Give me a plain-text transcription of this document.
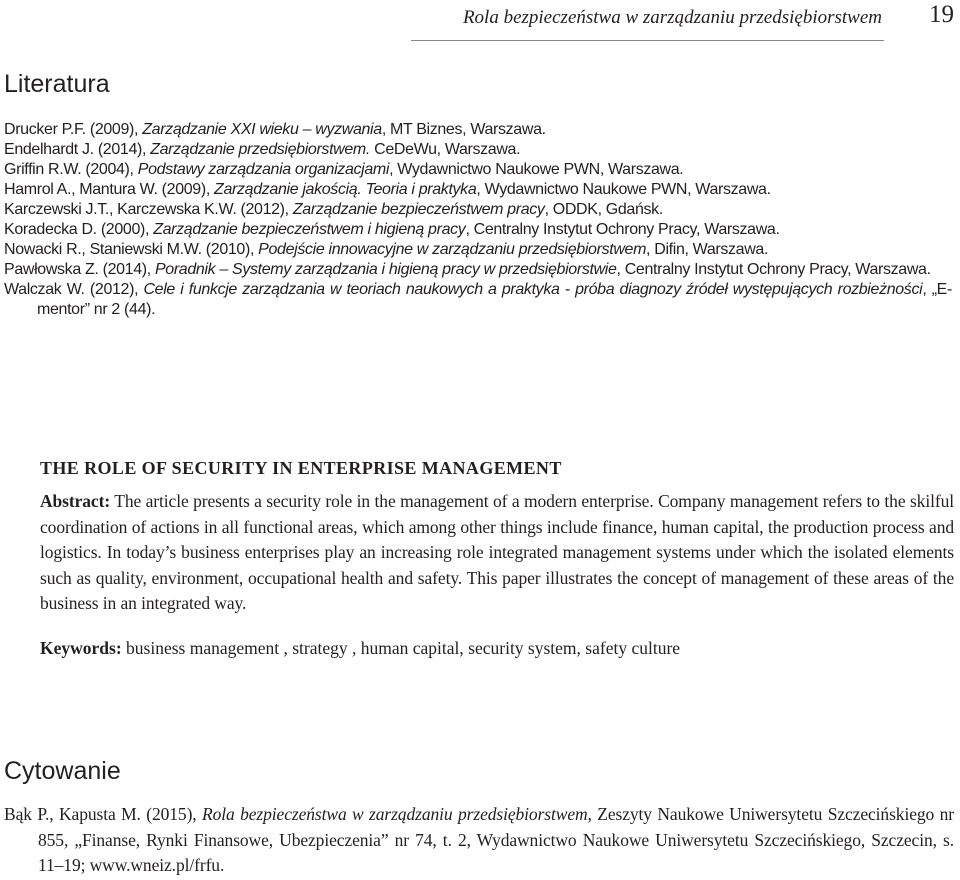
Rola bezpieczeństwa w zarządzaniu przedsiębiorstwem 19
Literatura
Drucker P.F. (2009), Zarządzanie XXI wieku – wyzwania, MT Biznes, Warszawa.
Endelhardt J. (2014), Zarządzanie przedsiębiorstwem. CeDeWu, Warszawa.
Griffin R.W. (2004), Podstawy zarządzania organizacjami, Wydawnictwo Naukowe PWN, Warszawa.
Hamrol A., Mantura W. (2009), Zarządzanie jakością. Teoria i praktyka, Wydawnictwo Naukowe PWN, Warszawa.
Karczewski J.T., Karczewska K.W. (2012), Zarządzanie bezpieczeństwem pracy, ODDK, Gdańsk.
Koradecka D. (2000), Zarządzanie bezpieczeństwem i higieną pracy, Centralny Instytut Ochrony Pracy, Warszawa.
Nowacki R., Staniewski M.W. (2010), Podejście innowacyjne w zarządzaniu przedsiębiorstwem, Difin, Warszawa.
Pawłowska Z. (2014), Poradnik – Systemy zarządzania i higieną pracy w przedsiębiorstwie, Centralny Instytut Ochrony Pracy, Warszawa.
Walczak W. (2012), Cele i funkcje zarządzania w teoriach naukowych a praktyka - próba diagnozy źródeł występujących rozbieżności, „E-mentor” nr 2 (44).
THE ROLE OF SECURITY IN ENTERPRISE MANAGEMENT

Abstract: The article presents a security role in the management of a modern enterprise. Company management refers to the skilful coordination of actions in all functional areas, which among other things include finance, human capital, the production process and logistics. In today’s business enterprises play an increasing role integrated management systems under which the isolated elements such as quality, environment, occupational health and safety. This paper illustrates the concept of management of these areas of the business in an integrated way.

Keywords: business management , strategy , human capital, security system, safety culture

Cytowanie

Bąk P., Kapusta M. (2015), Rola bezpieczeństwa w zarządzaniu przedsiębiorstwem, Zeszyty Naukowe Uniwersytetu Szczecińskiego nr 855, „Finanse, Rynki Finansowe, Ubezpieczenia” nr 74, t. 2, Wydawnictwo Naukowe Uniwersytetu Szczecińskiego, Szczecin, s. 11–19; www.wneiz.pl/frfu.
